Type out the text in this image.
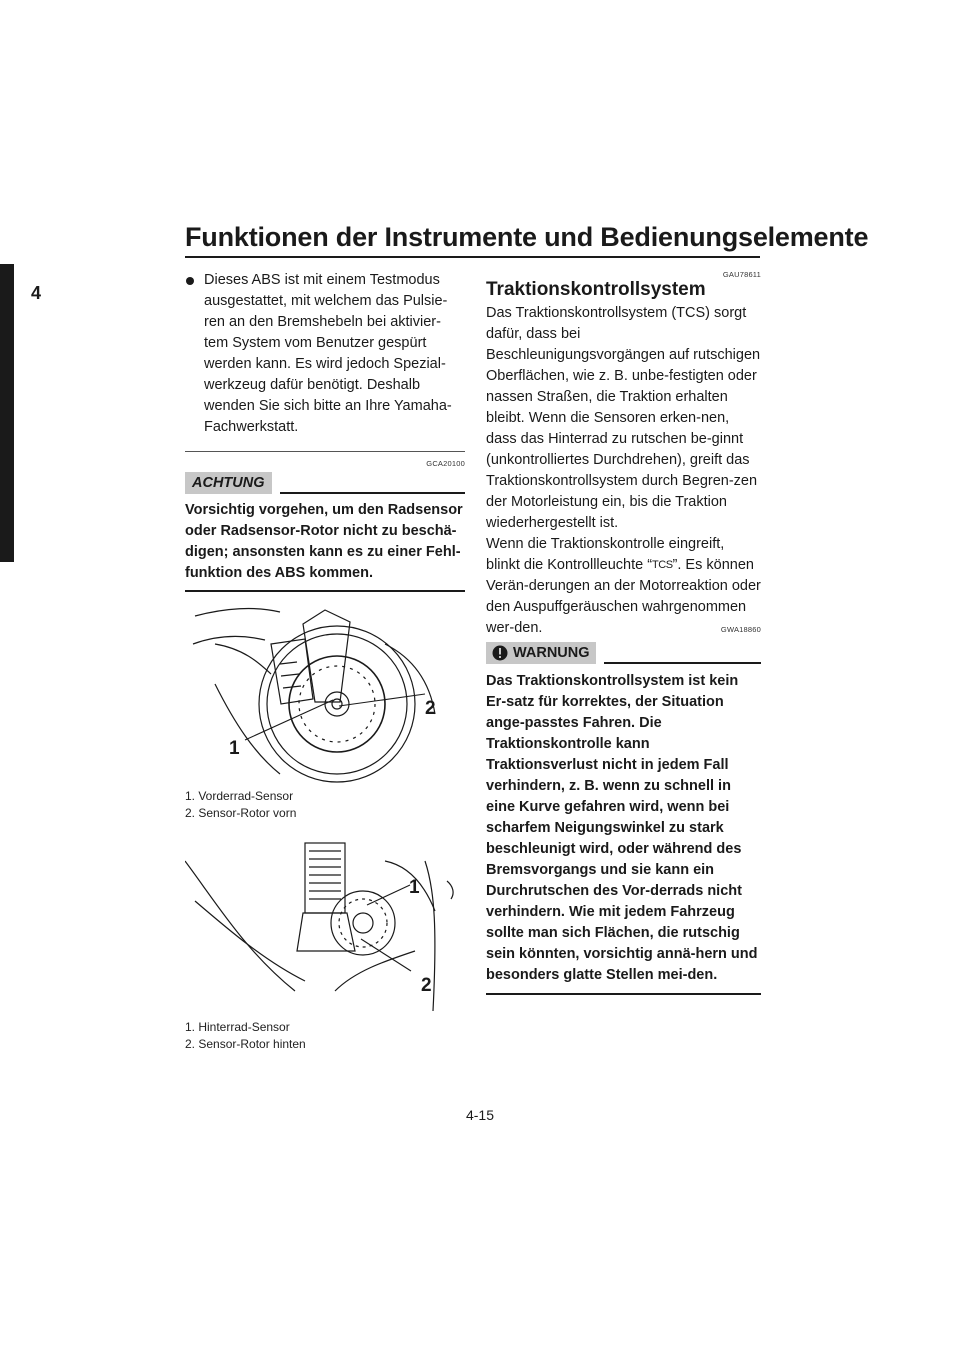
Funktionen der Instrumente und Bedienungselemente
4
Dieses ABS ist mit einem Testmodus ausgestattet, mit welchem das Pulsie-ren an den Bremshebeln bei aktivier-tem System vom Benutzer gespürt werden kann. Es wird jedoch Spezial-werkzeug dafür benötigt. Deshalb wenden Sie sich bitte an Ihre Yamaha-Fachwerkstatt.
GCA20100
ACHTUNG
Vorsichtig vorgehen, um den Radsensor oder Radsensor-Rotor nicht zu beschä-digen; ansonsten kann es zu einer Fehl-funktion des ABS kommen.
1
2
1. Vorderrad-Sensor
2. Sensor-Rotor vorn
1
2
1. Hinterrad-Sensor
2. Sensor-Rotor hinten
GAU78611
Traktionskontrollsystem
Das Traktionskontrollsystem (TCS) sorgt dafür, dass bei Beschleunigungsvorgängen auf rutschigen Oberflächen, wie z. B. unbe-festigten oder nassen Straßen, die Traktion erhalten bleibt. Wenn die Sensoren erken-nen, dass das Hinterrad zu rutschen be-ginnt (unkontrolliertes Durchdrehen), greift das Traktionskontrollsystem durch Begren-zen der Motorleistung ein, bis die Traktion wiederhergestellt ist.
Wenn die Traktionskontrolle eingreift, blinkt die Kontrollleuchte “TCS”. Es können Verän-derungen an der Motorreaktion oder den Auspuffgeräuschen wahrgenommen wer-den.	GWA18860
WARNUNG
Das Traktionskontrollsystem ist kein Er-satz für korrektes, der Situation ange-passtes Fahren. Die Traktionskontrolle kann Traktionsverlust nicht in jedem Fall verhindern, z. B. wenn zu schnell in eine Kurve gefahren wird, wenn bei scharfem Neigungswinkel zu stark beschleunigt wird, oder während des Bremsvorgangs und sie kann ein Durchrutschen des Vor-derrads nicht verhindern. Wie mit jedem Fahrzeug sollte man sich Flächen, die rutschig sein könnten, vorsichtig annä-hern und besonders glatte Stellen mei-den.
4-15
